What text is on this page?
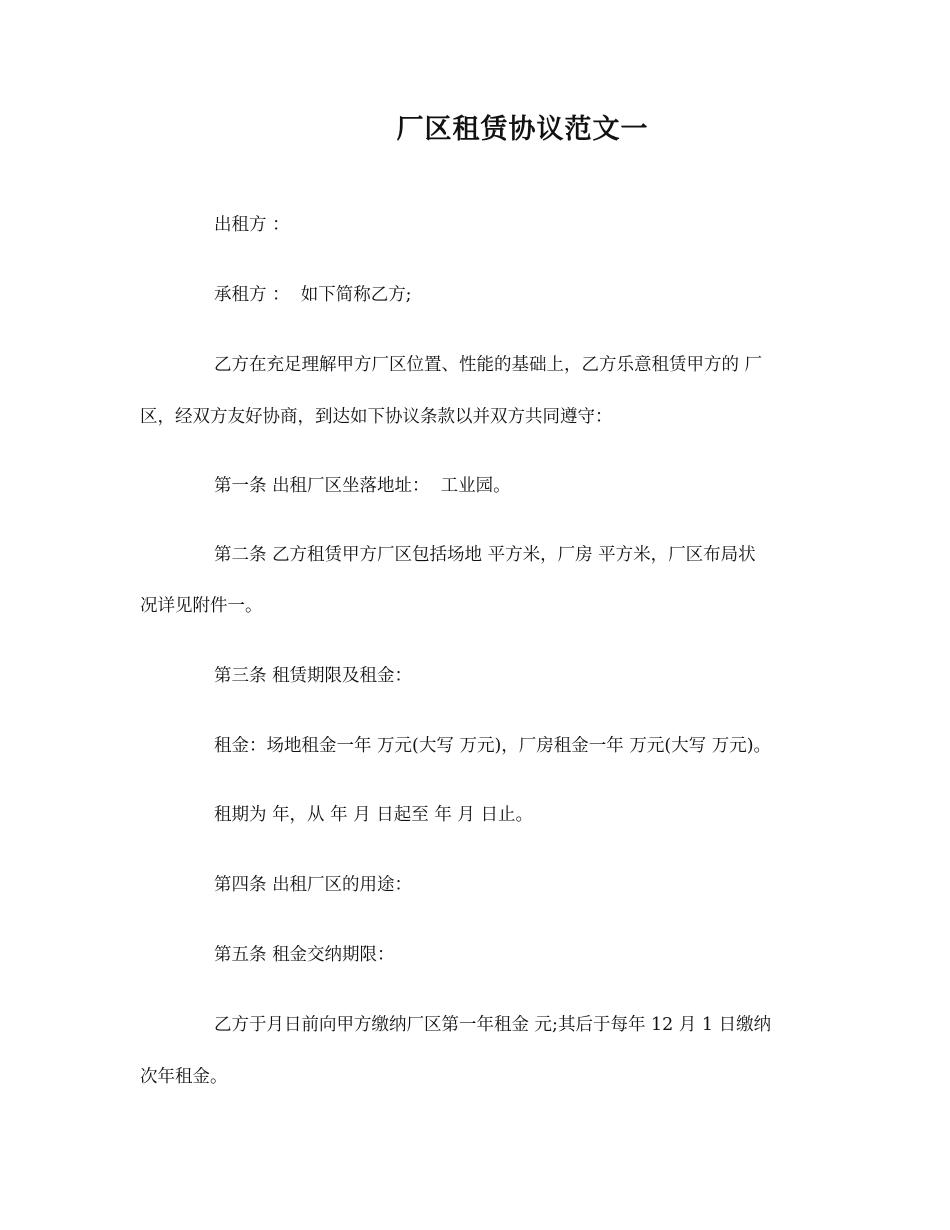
厂区租赁协议范文一
出租方 ：
承租方 ：  如下简称乙方;
乙方在充足理解甲方厂区位置、性能的基础上，乙方乐意租赁甲方的 厂
区，经双方友好协商，到达如下协议条款以并双方共同遵守：
第一条 出租厂区坐落地址：  工业园。
第二条 乙方租赁甲方厂区包括场地 平方米，厂房 平方米，厂区布局状
况详见附件一。
第三条 租赁期限及租金：
租金：场地租金一年 万元(大写 万元)，厂房租金一年 万元(大写 万元)。
租期为 年，从 年 月 日起至 年 月 日止。
第四条 出租厂区的用途：
第五条 租金交纳期限：
乙方于月日前向甲方缴纳厂区第一年租金 元;其后于每年 12 月 1 日缴纳
次年租金。
